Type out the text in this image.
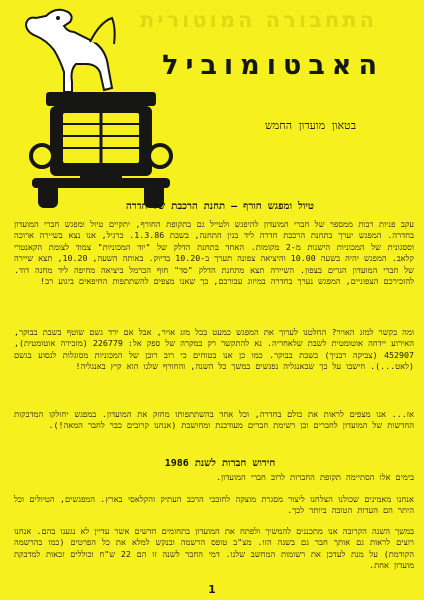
התחבורה המוטורית
האבטומוביל
בטאון מועדון החמש
טיול ומפגש חורף – תחנת הרכבת של חדרה
עקב פניות רבות ממספר של חברי המועדון להיפגש ולטייל גם בתקופת החורף, יתקיים טיול ומפגש חברי המועדון בחדרה. המפגש יערך בתחנת הרכבת חדרה ליד בנין התחנה, בשבת 1.3.86. כרגיל, אנו נצא בשיירה ארוכה וססגונית של המכוניות הישנות מ-2 מקומות. האחד בתחנת הדלק של "יוד המכוניות" צמוד לצומת הקאנטרי קלאב. המפגש יהיה בשעה 10.00 והיציאה צפונה תערך ב-10.20 בדיוק. באותה השעה, 10.20, תצא שיירה של חברי המועדון הגרים בצפון. השיירה תצא מתחנת הדלק "סד" חוף הכרמל ביציאה מחיפה ליד מחנה דוד. להזכירכם הצפוניים, המפגש נערך בחדרה במיזוג עבורכם, כך שאנו מצפים להשתתפות החיפאים ביגוע רב!
ומה בקשר למזג האויר? החלטנו לערוך את המפגש כמעט בכל מזג אויר, אבל אם ירד גשם שוטף בשבת בבוקר, האירוע יידחה אוטומטית לשבת שלאחריה. נא להתקשר רק במקרה של ספק אל: 226779 (מזכירה אוטומטית), 452907 (צביקה רבניך) בשבת בבוקר. כמו כן אנו בטוחים כי רוב רובן של המכוניות מסוגלות לנסוע בגשם (לאט...). חישבו על כך שבאנגליה נפגשים במשך כל השנה, והחורף שלנו הוא קיץ באנגליה!
אז... אנו מצפים לראות את כולם בחדרה, וכל אחד בהשתתפותו מחזק את המועדון. במפגש יחולקו המדבקות החדשות של המועדון לחברים וכן רשימת חברים מעודכנת ומחושבת (אנחנו קרובים כבר לחבר המאה!).
חידוש חברות לשנת 1986
בימים אלו הסתיימה תקופת החברות לרוב חברי המועדון.
אנחנו מאמינים שכולנו הצלחנו ליצור מסגרת מוצקה לחובבי הרכב העתיק והקלאסי בארץ. המפגשים, הטיולים וכל היתר הם העדות הטובה ביותר לכך.
במשך השנה הקרובה אנו מתכננים להמשיך ולפתח את המועדון בתחומים חדשים אשר עדיין לא נגענו בהם. אנחנו רוצים לראות גם אותך חבר גם בשנה הזו. מצ"ב טופס הרשמה ובנקש למלא את כל הפרטים (כמו בהרשמה הקודמת) על מנת לעדכן את רשומות המחשב שלנו. דמי החבר לשנה זו הם 22 ש"ח וכוללים זכאות למדבקת מועדון אחת.
1
